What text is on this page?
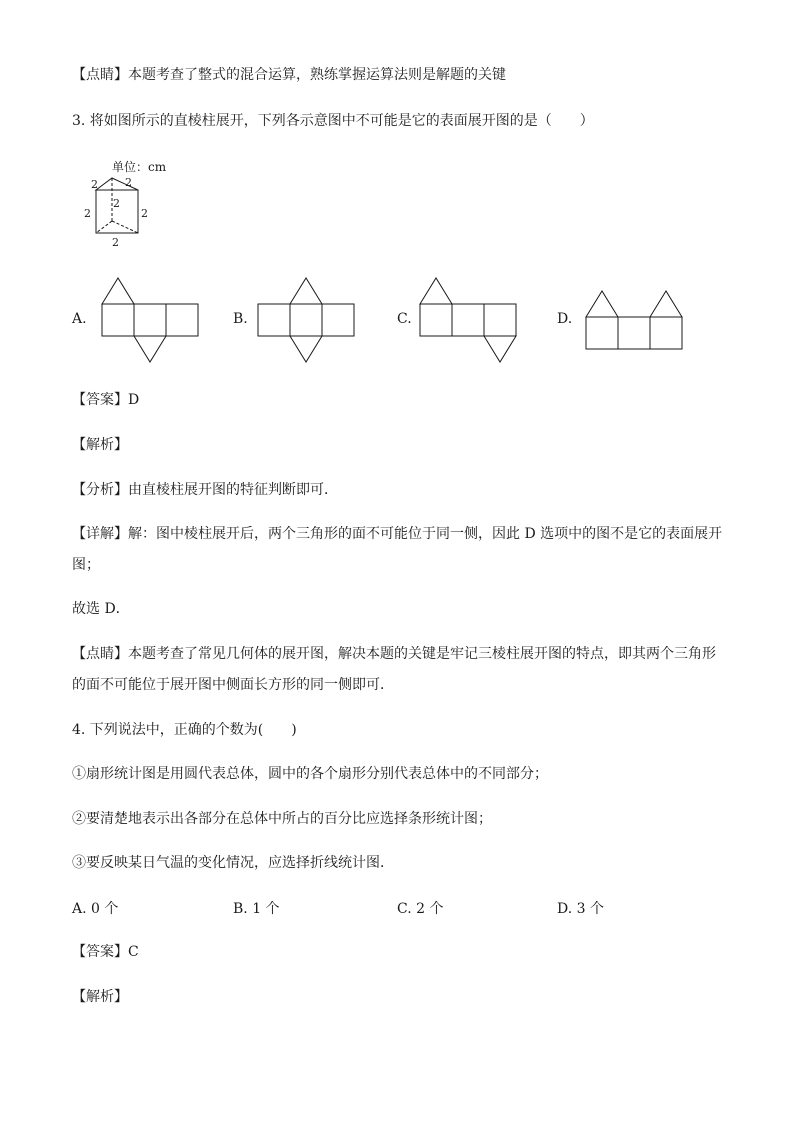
【点睛】本题考查了整式的混合运算，熟练掌握运算法则是解题的关键
3. 将如图所示的直棱柱展开，下列各示意图中不可能是它的表面展开图的是（　　）
单位：cm
2 2
2
2
2
2
A.	B.	C.	D.
【答案】D
【解析】
【分析】由直棱柱展开图的特征判断即可．
【详解】解：图中棱柱展开后，两个三角形的面不可能位于同一侧，因此 D 选项中的图不是它的表面展开
图；
故选 D．
【点睛】本题考查了常见几何体的展开图，解决本题的关键是牢记三棱柱展开图的特点，即其两个三角形
的面不可能位于展开图中侧面长方形的同一侧即可．
4. 下列说法中，正确的个数为(　　)
①扇形统计图是用圆代表总体，圆中的各个扇形分别代表总体中的不同部分；
②要清楚地表示出各部分在总体中所占的百分比应选择条形统计图；
③要反映某日气温的变化情况，应选择折线统计图．
A. 0 个	B. 1 个	C. 2 个	D. 3 个
【答案】C
【解析】
